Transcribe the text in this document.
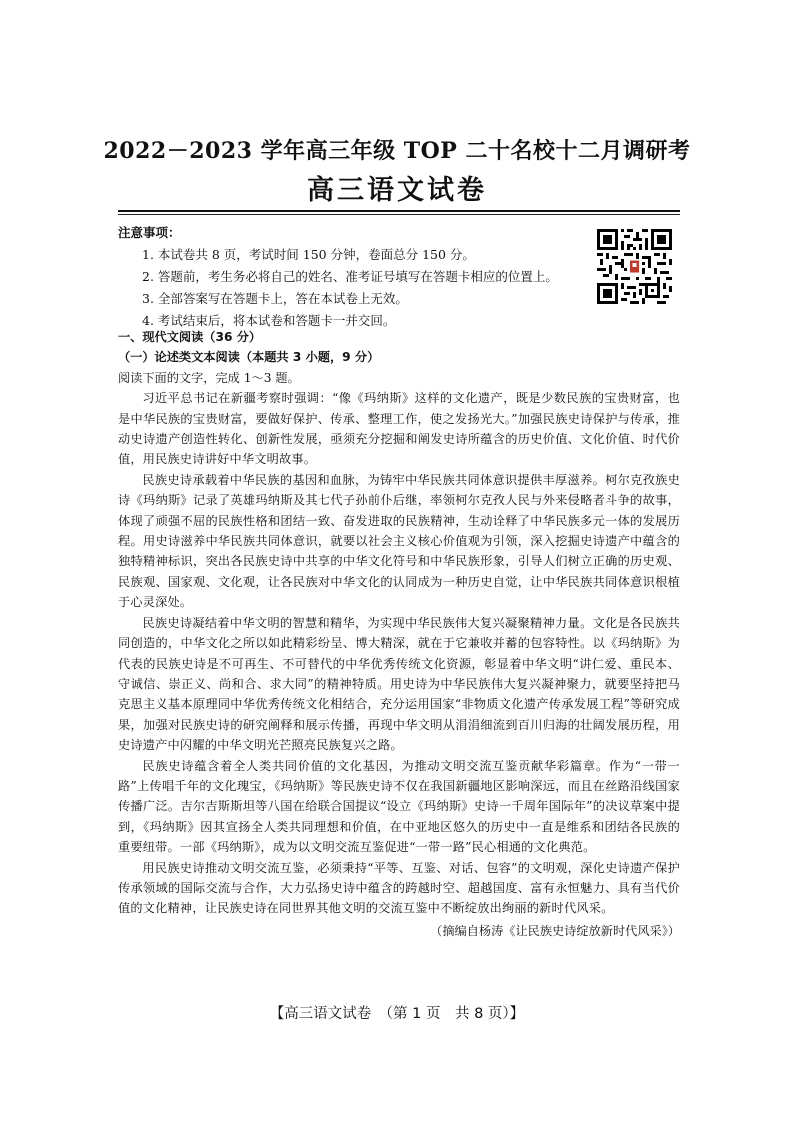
2022－2023 学年高三年级 TOP 二十名校十二月调研考
高三语文试卷
注意事项：
1. 本试卷共 8 页，考试时间 150 分钟，卷面总分 150 分。
2. 答题前，考生务必将自己的姓名、准考证号填写在答题卡相应的位置上。
3. 全部答案写在答题卡上，答在本试卷上无效。
4. 考试结束后，将本试卷和答题卡一并交回。
一、现代文阅读（36 分）
（一）论述类文本阅读（本题共 3 小题，9 分）
阅读下面的文字，完成 1～3 题。

习近平总书记在新疆考察时强调：“像《玛纳斯》这样的文化遗产，既是少数民族的宝贵财富，也是中华民族的宝贵财富，要做好保护、传承、整理工作，使之发扬光大。”加强民族史诗保护与传承，推动史诗遗产创造性转化、创新性发展，亟须充分挖掘和阐发史诗所蕴含的历史价值、文化价值、时代价值，用民族史诗讲好中华文明故事。

民族史诗承载着中华民族的基因和血脉，为铸牢中华民族共同体意识提供丰厚滋养。柯尔克孜族史诗《玛纳斯》记录了英雄玛纳斯及其七代子孙前仆后继，率领柯尔克孜人民与外来侵略者斗争的故事，体现了顽强不屈的民族性格和团结一致、奋发进取的民族精神，生动诠释了中华民族多元一体的发展历程。用史诗滋养中华民族共同体意识，就要以社会主义核心价值观为引领，深入挖掘史诗遗产中蕴含的独特精神标识，突出各民族史诗中共享的中华文化符号和中华民族形象，引导人们树立正确的历史观、民族观、国家观、文化观，让各民族对中华文化的认同成为一种历史自觉，让中华民族共同体意识根植于心灵深处。

民族史诗凝结着中华文明的智慧和精华，为实现中华民族伟大复兴凝聚精神力量。文化是各民族共同创造的，中华文化之所以如此精彩纷呈、博大精深，就在于它兼收并蓄的包容特性。以《玛纳斯》为代表的民族史诗是不可再生、不可替代的中华优秀传统文化资源，彰显着中华文明“讲仁爱、重民本、守诚信、崇正义、尚和合、求大同”的精神特质。用史诗为中华民族伟大复兴凝神聚力，就要坚持把马克思主义基本原理同中华优秀传统文化相结合，充分运用国家“非物质文化遗产传承发展工程”等研究成果，加强对民族史诗的研究阐释和展示传播，再现中华文明从涓涓细流到百川归海的壮阔发展历程，用史诗遗产中闪耀的中华文明光芒照亮民族复兴之路。

民族史诗蕴含着全人类共同价值的文化基因，为推动文明交流互鉴贡献华彩篇章。作为“一带一路”上传唱千年的文化瑰宝，《玛纳斯》等民族史诗不仅在我国新疆地区影响深远，而且在丝路沿线国家传播广泛。吉尔吉斯斯坦等八国在给联合国提议“设立《玛纳斯》史诗一千周年国际年”的决议草案中提到，《玛纳斯》因其宣扬全人类共同理想和价值，在中亚地区悠久的历史中一直是维系和团结各民族的重要纽带。一部《玛纳斯》，成为以文明交流互鉴促进“一带一路”民心相通的文化典范。

用民族史诗推动文明交流互鉴，必须秉持“平等、互鉴、对话、包容”的文明观，深化史诗遗产保护传承领域的国际交流与合作，大力弘扬史诗中蕴含的跨越时空、超越国度、富有永恒魅力、具有当代价值的文化精神，让民族史诗在同世界其他文明的交流互鉴中不断绽放出绚丽的新时代风采。

（摘编自杨涛《让民族史诗绽放新时代风采》）
【高三语文试卷　（第 1 页　共 8 页）】
